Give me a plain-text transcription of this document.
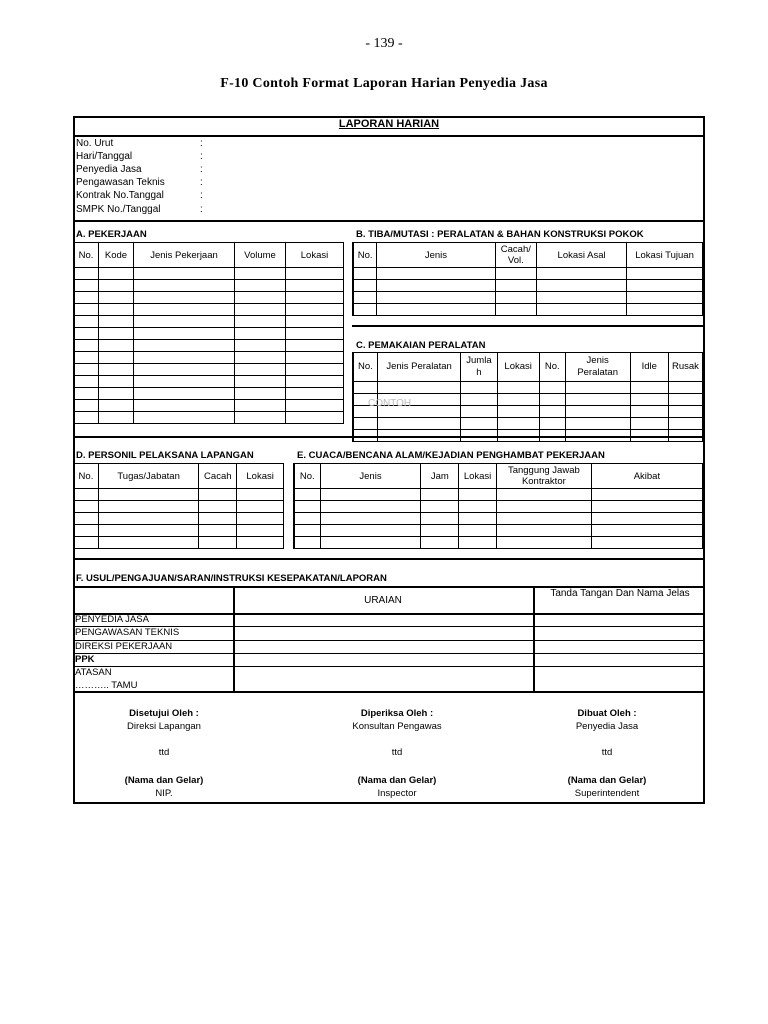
- 139 -
F-10 Contoh Format Laporan Harian Penyedia Jasa
LAPORAN HARIAN
No. Urut	:
Hari/Tanggal	:
Penyedia Jasa	:
Pengawasan Teknis	:
Kontrak No.Tanggal	:
SMPK No./Tanggal	:
A. PEKERJAAN
No.	Kode	Jenis Pekerjaan	Volume	Lokasi

B. TIBA/MUTASI : PERALATAN & BAHAN KONSTRUKSI POKOK
No.	Jenis	Cacah/ Vol.	Lokasi Asal	Lokasi Tujuan

C. PEMAKAIAN PERALATAN
No.	Jenis Peralatan	Jumla h	Lokasi	No.	Jenis Peralatan	Idle	Rusak

CONTOH
D. PERSONIL PELAKSANA LAPANGAN
No.	Tugas/Jabatan	Cacah	Lokasi

E. CUACA/BENCANA ALAM/KEJADIAN PENGHAMBAT PEKERJAAN
No.	Jenis	Jam	Lokasi	Tanggung Jawab Kontraktor	Akibat

F. USUL/PENGAJUAN/SARAN/INSTRUKSI KESEPAKATAN/LAPORAN
URAIAN
Tanda Tangan Dan Nama Jelas
PENYEDIA JASA
PENGAWASAN TEKNIS
DIREKSI PEKERJAAN
PPK
ATASAN
……….. TAMU
Disetujui Oleh :
Direksi Lapangan
ttd
(Nama dan Gelar)
NIP.
Diperiksa Oleh :
Konsultan Pengawas
ttd
(Nama dan Gelar)
Inspector
Dibuat Oleh :
Penyedia Jasa
ttd
(Nama dan Gelar)
Superintendent
